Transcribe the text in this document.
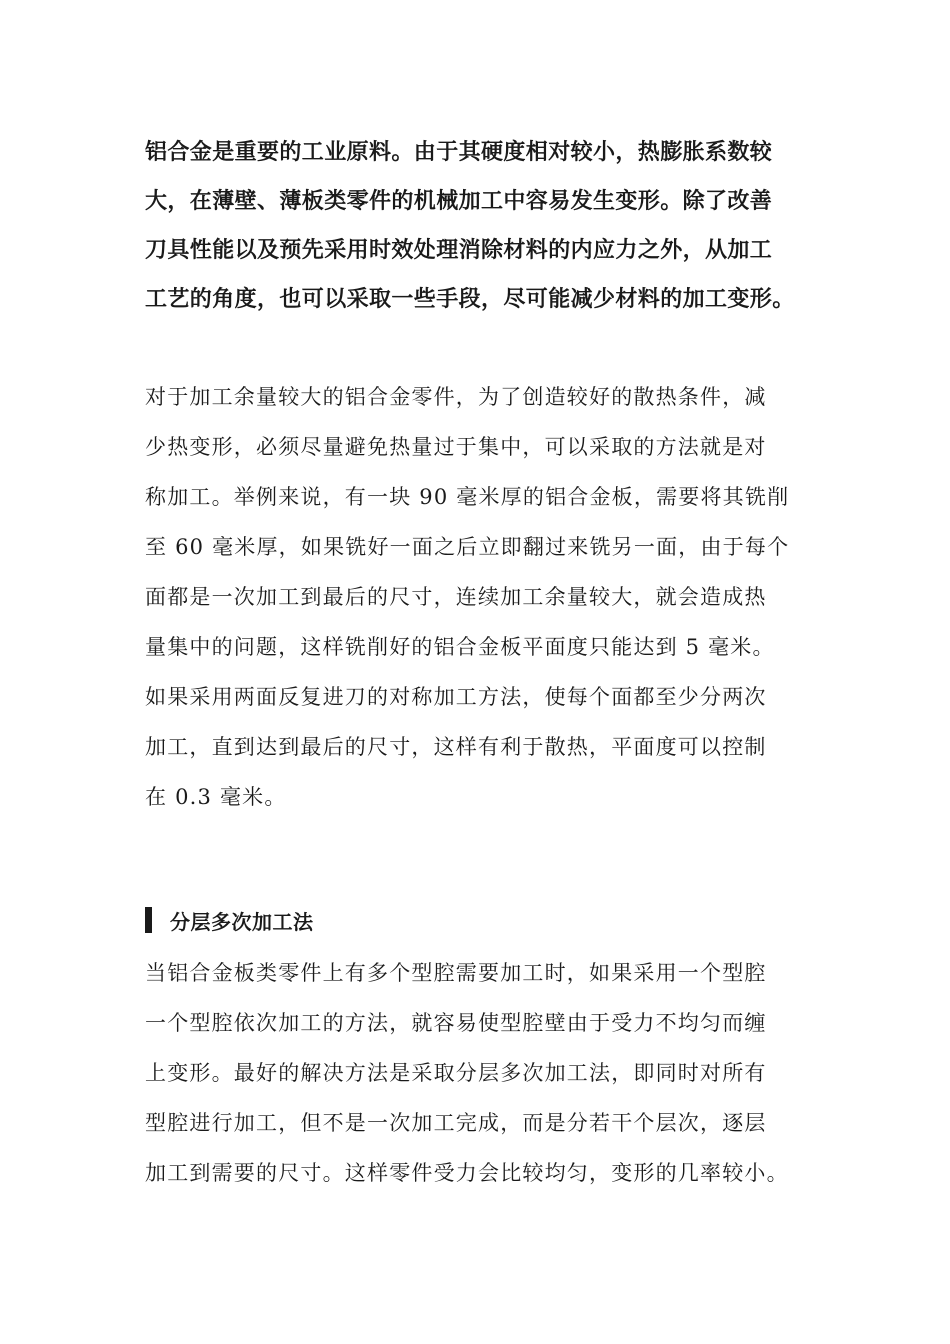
铝合金是重要的工业原料。由于其硬度相对较小，热膨胀系数较
大，在薄壁、薄板类零件的机械加工中容易发生变形。除了改善
刀具性能以及预先采用时效处理消除材料的内应力之外，从加工
工艺的角度，也可以采取一些手段，尽可能减少材料的加工变形。
对于加工余量较大的铝合金零件，为了创造较好的散热条件，减
少热变形，必须尽量避免热量过于集中，可以采取的方法就是对
称加工。举例来说，有一块 90 毫米厚的铝合金板，需要将其铣削
至 60 毫米厚，如果铣好一面之后立即翻过来铣另一面，由于每个
面都是一次加工到最后的尺寸，连续加工余量较大，就会造成热
量集中的问题，这样铣削好的铝合金板平面度只能达到 5 毫米。
如果采用两面反复进刀的对称加工方法，使每个面都至少分两次
加工，直到达到最后的尺寸，这样有利于散热，平面度可以控制
在 0.3 毫米。
分层多次加工法
当铝合金板类零件上有多个型腔需要加工时，如果采用一个型腔
一个型腔依次加工的方法，就容易使型腔壁由于受力不均匀而缠
上变形。最好的解决方法是采取分层多次加工法，即同时对所有
型腔进行加工，但不是一次加工完成，而是分若干个层次，逐层
加工到需要的尺寸。这样零件受力会比较均匀，变形的几率较小。
